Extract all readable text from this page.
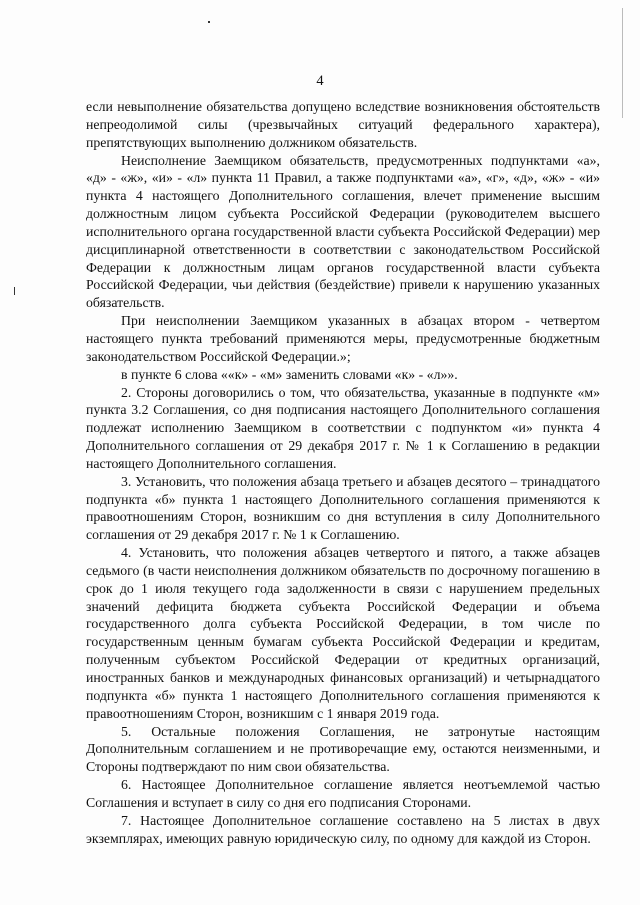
4

если невыполнение обязательства допущено вследствие возникновения обстоятельств непреодолимой силы (чрезвычайных ситуаций федерального характера), препятствующих выполнению должником обязательств.

Неисполнение Заемщиком обязательств, предусмотренных подпунктами «а», «д» - «ж», «и» - «л» пункта 11 Правил, а также подпунктами «а», «г», «д», «ж» - «и» пункта 4 настоящего Дополнительного соглашения, влечет применение высшим должностным лицом субъекта Российской Федерации (руководителем высшего исполнительного органа государственной власти субъекта Российской Федерации) мер дисциплинарной ответственности в соответствии с законодательством Российской Федерации к должностным лицам органов государственной власти субъекта Российской Федерации, чьи действия (бездействие) привели к нарушению указанных обязательств.

При неисполнении Заемщиком указанных в абзацах втором - четвертом настоящего пункта требований применяются меры, предусмотренные бюджетным законодательством Российской Федерации.»;

в пункте 6 слова ««к» - «м» заменить словами «к» - «л»».

2. Стороны договорились о том, что обязательства, указанные в подпункте «м» пункта 3.2 Соглашения, со дня подписания настоящего Дополнительного соглашения подлежат исполнению Заемщиком в соответствии с подпунктом «и» пункта 4 Дополнительного соглашения от 29 декабря 2017 г. № 1 к Соглашению в редакции настоящего Дополнительного соглашения.

3. Установить, что положения абзаца третьего и абзацев десятого – тринадцатого подпункта «б» пункта 1 настоящего Дополнительного соглашения применяются к правоотношениям Сторон, возникшим со дня вступления в силу Дополнительного соглашения от 29 декабря 2017 г. № 1 к Соглашению.

4. Установить, что положения абзацев четвертого и пятого, а также абзацев седьмого (в части неисполнения должником обязательств по досрочному погашению в срок до 1 июля текущего года задолженности в связи с нарушением предельных значений дефицита бюджета субъекта Российской Федерации и объема государственного долга субъекта Российской Федерации, в том числе по государственным ценным бумагам субъекта Российской Федерации и кредитам, полученным субъектом Российской Федерации от кредитных организаций, иностранных банков и международных финансовых организаций) и четырнадцатого подпункта «б» пункта 1 настоящего Дополнительного соглашения применяются к правоотношениям Сторон, возникшим с 1 января 2019 года.

5. Остальные положения Соглашения, не затронутые настоящим Дополнительным соглашением и не противоречащие ему, остаются неизменными, и Стороны подтверждают по ним свои обязательства.

6. Настоящее Дополнительное соглашение является неотъемлемой частью Соглашения и вступает в силу со дня его подписания Сторонами.

7. Настоящее Дополнительное соглашение составлено на 5 листах в двух экземплярах, имеющих равную юридическую силу, по одному для каждой из Сторон.
